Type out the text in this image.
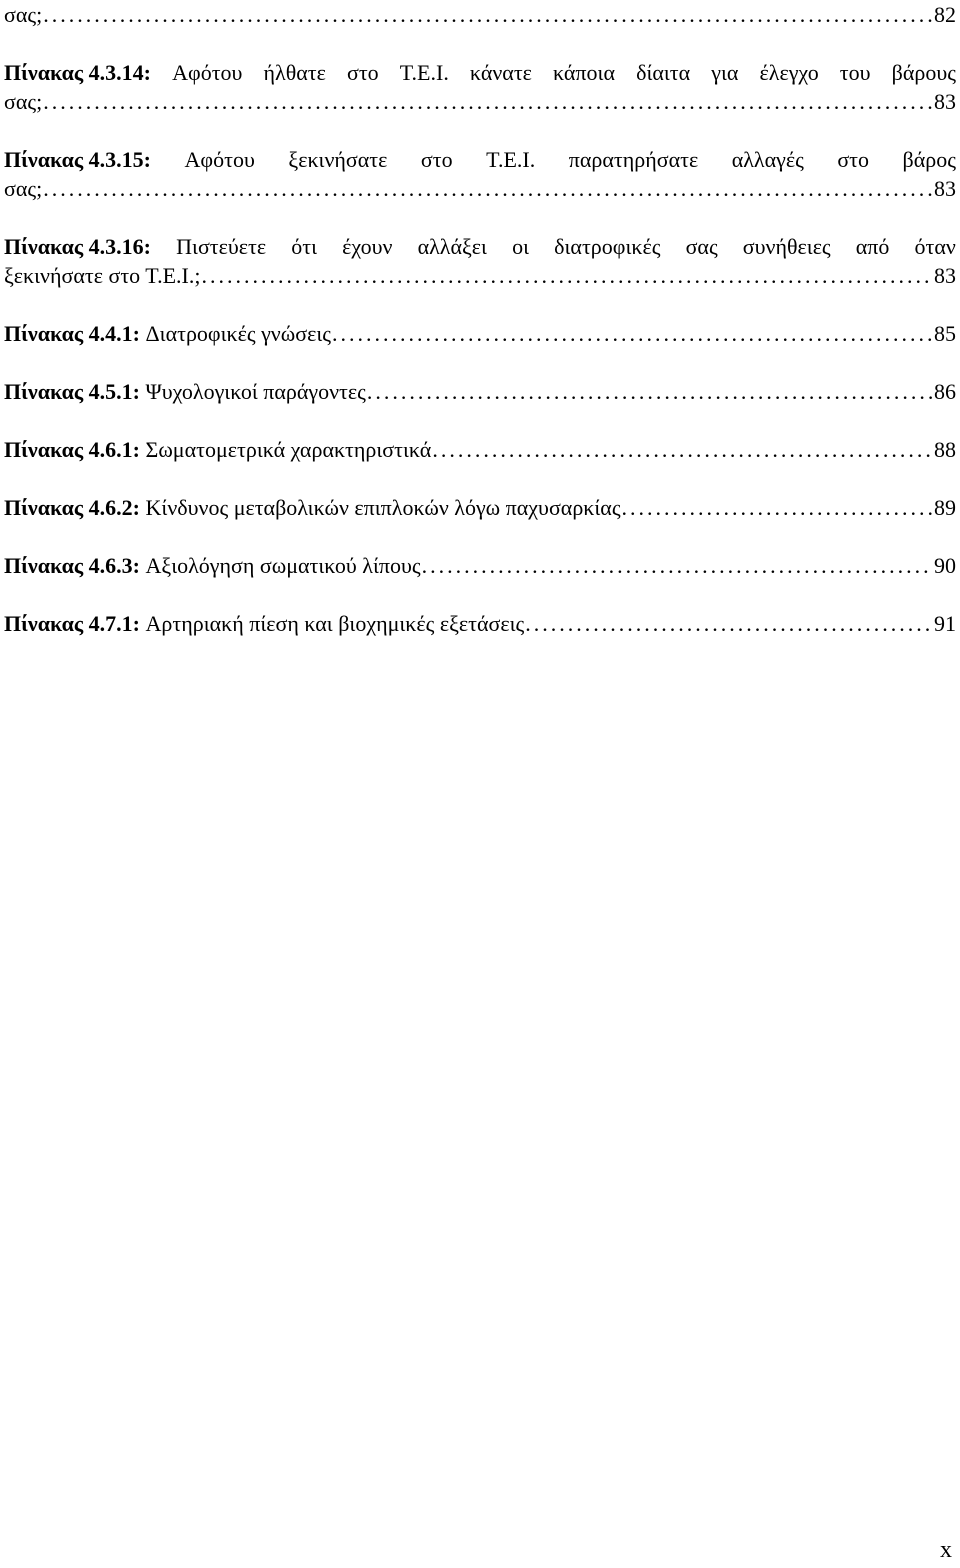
σας; .....	82
Πίνακας 4.3.14: Αφότου ήλθατε στο Τ.Ε.Ι. κάνατε κάποια δίαιτα για έλεγχο του βάρους
σας; .....	83
Πίνακας 4.3.15: Αφότου ξεκινήσατε στο Τ.Ε.Ι. παρατηρήσατε αλλαγές στο βάρος
σας; .....	83
Πίνακας 4.3.16: Πιστεύετε ότι έχουν αλλάξει οι διατροφικές σας συνήθειες από όταν
ξεκινήσατε στο Τ.Ε.Ι.; .....	83
Πίνακας 4.4.1:
Διατροφικές γνώσεις .....	85
Πίνακας 4.5.1:
Ψυχολογικοί παράγοντες .....	86
Πίνακας 4.6.1:
Σωματομετρικά χαρακτηριστικά .....	88
Πίνακας 4.6.2:
Κίνδυνος μεταβολικών επιπλοκών λόγω παχυσαρκίας .....	89
Πίνακας 4.6.3:
Αξιολόγηση σωματικού λίπους .....	90
Πίνακας 4.7.1:
Αρτηριακή πίεση και βιοχημικές εξετάσεις .....	91
x
